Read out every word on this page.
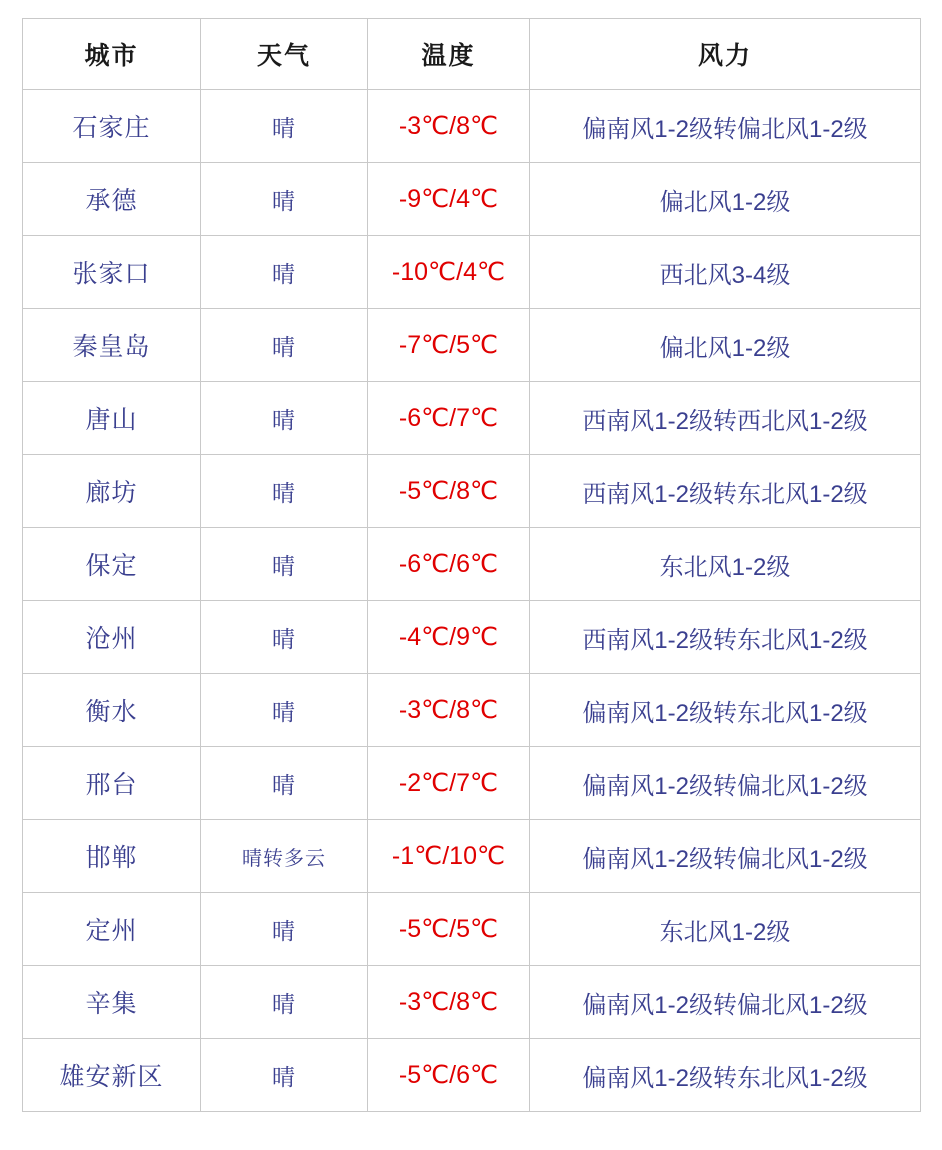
城市	天气	温度	风力
石家庄	晴	-3℃/8℃	偏南风1-2级转偏北风1-2级
承德	晴	-9℃/4℃	偏北风1-2级
张家口	晴	-10℃/4℃	西北风3-4级
秦皇岛	晴	-7℃/5℃	偏北风1-2级
唐山	晴	-6℃/7℃	西南风1-2级转西北风1-2级
廊坊	晴	-5℃/8℃	西南风1-2级转东北风1-2级
保定	晴	-6℃/6℃	东北风1-2级
沧州	晴	-4℃/9℃	西南风1-2级转东北风1-2级
衡水	晴	-3℃/8℃	偏南风1-2级转东北风1-2级
邢台	晴	-2℃/7℃	偏南风1-2级转偏北风1-2级
邯郸	晴转多云	-1℃/10℃	偏南风1-2级转偏北风1-2级
定州	晴	-5℃/5℃	东北风1-2级
辛集	晴	-3℃/8℃	偏南风1-2级转偏北风1-2级
雄安新区	晴	-5℃/6℃	偏南风1-2级转东北风1-2级
